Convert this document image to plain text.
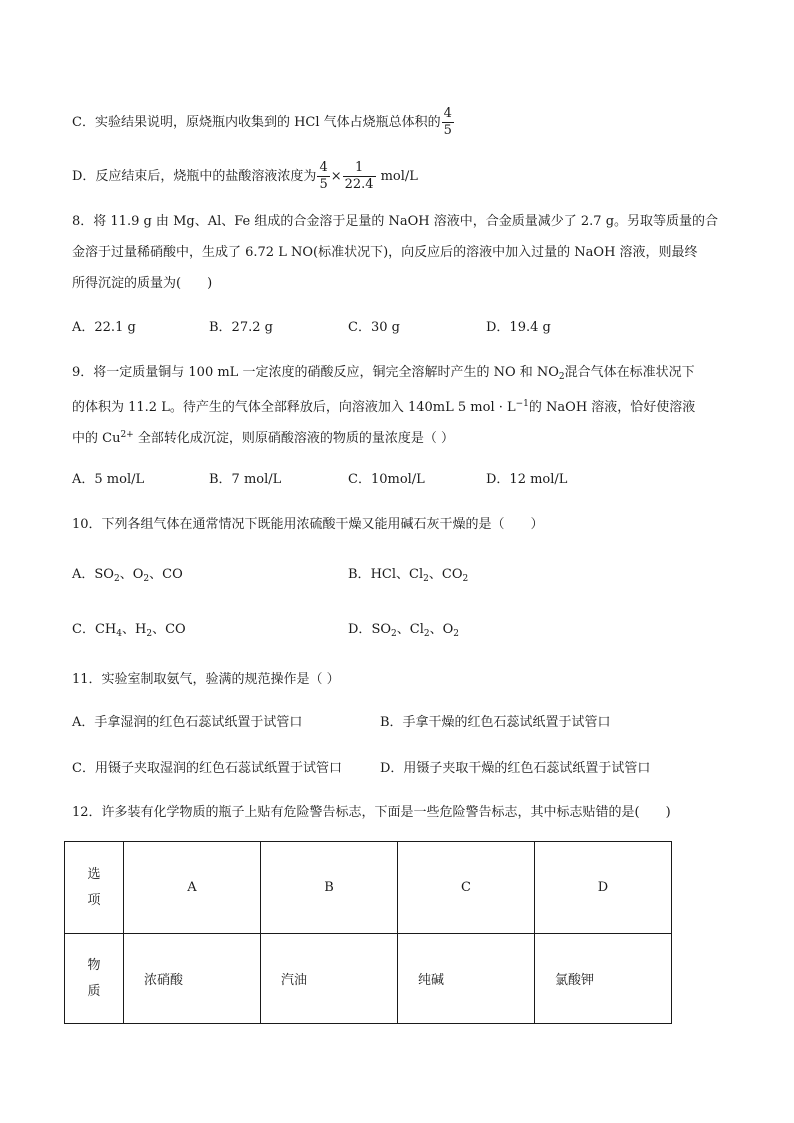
C．实验结果说明，原烧瓶内收集到的 HCl 气体占烧瓶总体积的 $\frac{4}{5}$
D．反应结束后，烧瓶中的盐酸溶液浓度为 $\frac{4}{5} \times \frac{1}{22.4} mol/L$
8．将 11.9 g 由 Mg、Al、Fe 组成的合金溶于足量的 NaOH 溶液中，合金质量减少了 2.7 g。另取等质量的合
金溶于过量稀硝酸中，生成了 6.72 L NO(标准状况下)，向反应后的溶液中加入过量的 NaOH 溶液，则最终
所得沉淀的质量为(　　)
A．22.1 g	B．27.2 g	C．30 g	D．19.4 g
9．将一定质量铜与 100 mL 一定浓度的硝酸反应，铜完全溶解时产生的 NO 和 $NO_2$混合气体在标准状况下
的体积为 11.2 L。待产生的气体全部释放后，向溶液加入 140mL 5 mol · $L^{-1}$的 NaOH 溶液，恰好使溶液
中的 $Cu^{2+}$ 全部转化成沉淀，则原硝酸溶液的物质的量浓度是（ ）
A．5 mol/L	B．7 mol/L	C．10mol/L	D．12 mol/L
10．下列各组气体在通常情况下既能用浓硫酸干燥又能用碱石灰干燥的是（　　）
A．$SO_2$、$O_2$、CO	B．HCl、$Cl_2$、$CO_2$
C．$CH_4$、$H_2$、CO	D．$SO_2$、$Cl_2$、$O_2$
11．实验室制取氨气，验满的规范操作是（ ）
A．手拿湿润的红色石蕊试纸置于试管口	B．手拿干燥的红色石蕊试纸置于试管口
C．用镊子夹取湿润的红色石蕊试纸置于试管口	D．用镊子夹取干燥的红色石蕊试纸置于试管口
12．许多装有化学物质的瓶子上贴有危险警告标志，下面是一些危险警告标志，其中标志贴错的是(　　)
选
项	A	B	C	D
物
质	浓硝酸	汽油	纯碱	氯酸钾
